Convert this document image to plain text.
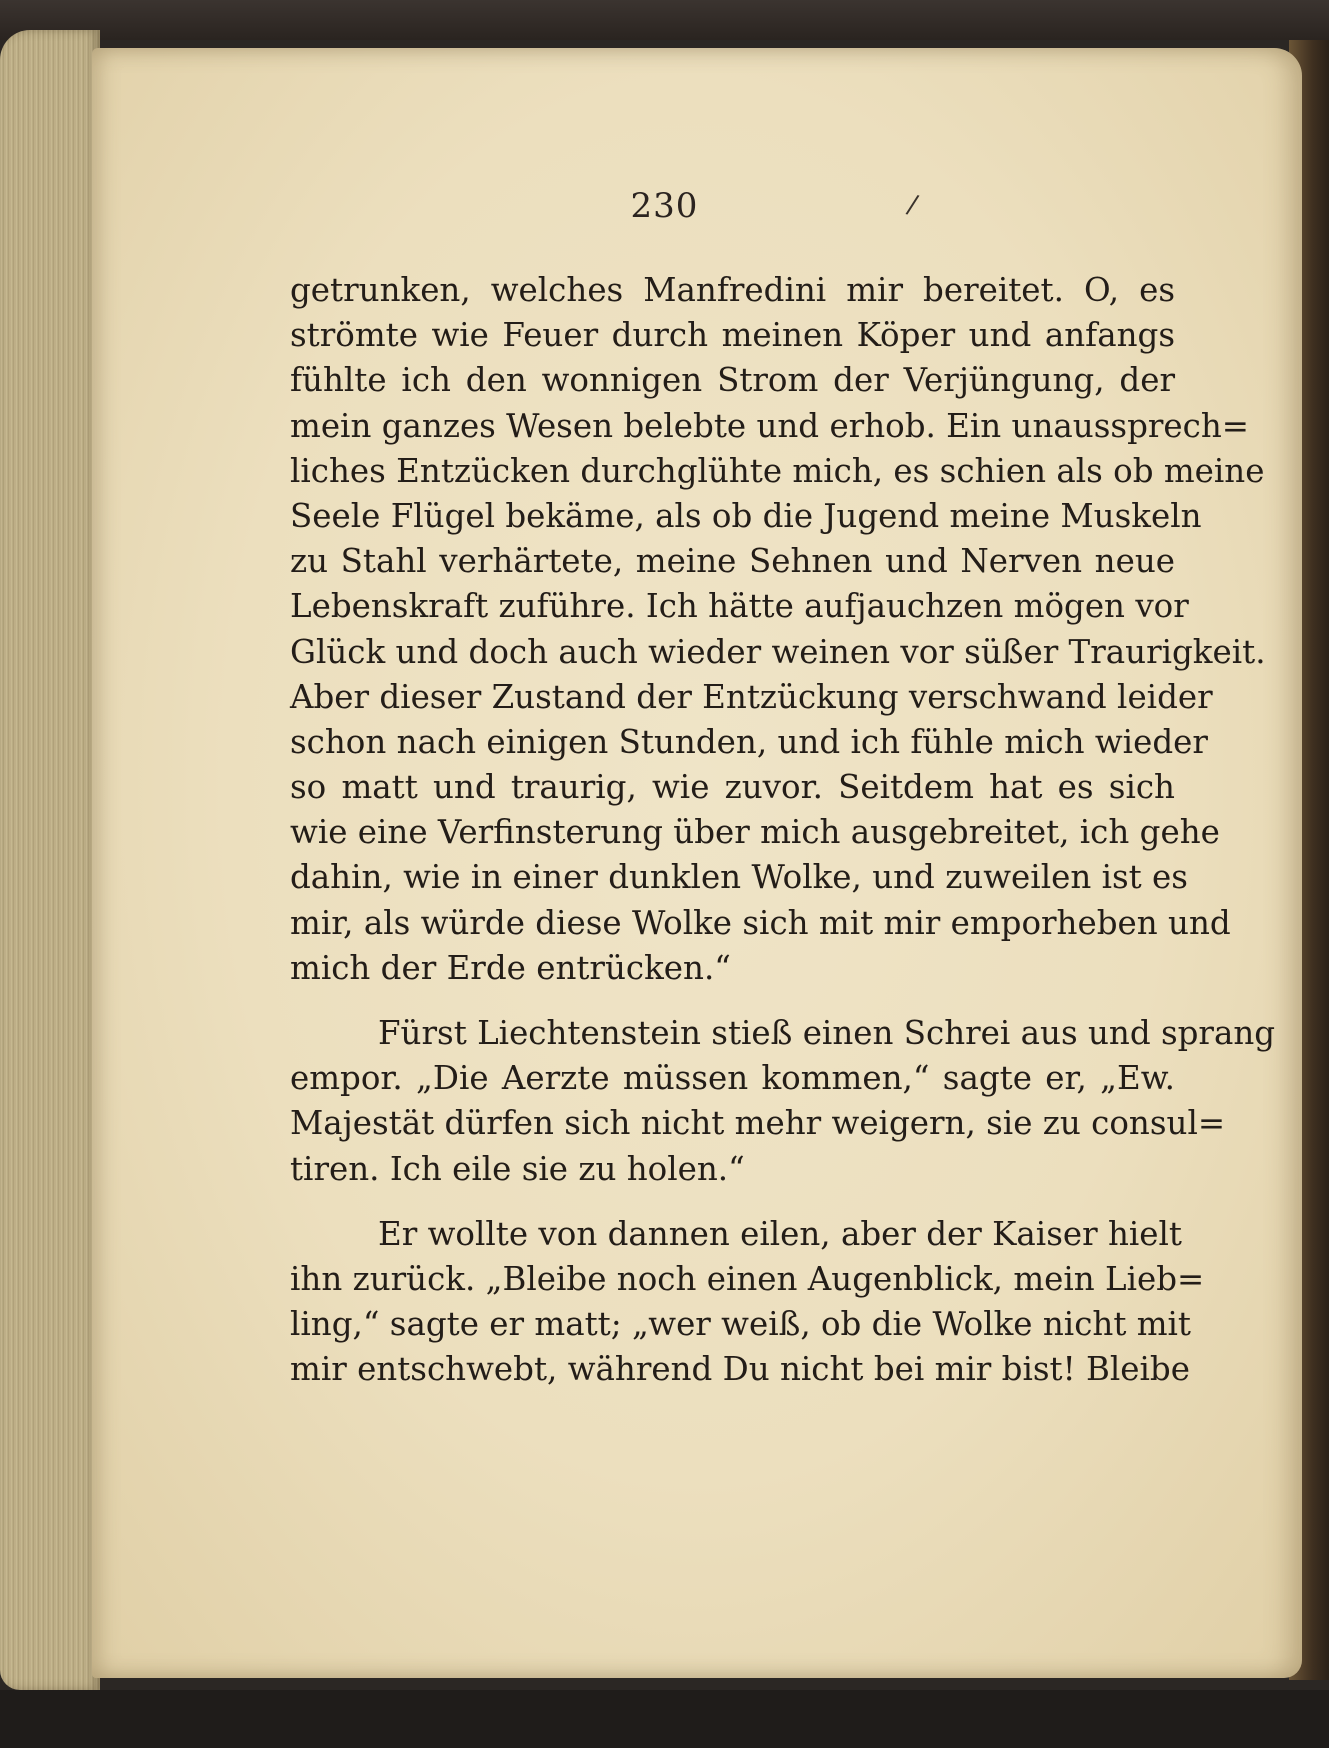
230	/
getrunken, welches Manfredini mir bereitet. O, es
strömte wie Feuer durch meinen Köper und anfangs
fühlte ich den wonnigen Strom der Verjüngung, der
mein ganzes Wesen belebte und erhob. Ein unaussprech=
liches Entzücken durchglühte mich, es schien als ob meine
Seele Flügel bekäme, als ob die Jugend meine Muskeln
zu Stahl verhärtete, meine Sehnen und Nerven neue
Lebenskraft zuführe. Ich hätte aufjauchzen mögen vor
Glück und doch auch wieder weinen vor süßer Traurigkeit.
Aber dieser Zustand der Entzückung verschwand leider
schon nach einigen Stunden, und ich fühle mich wieder
so matt und traurig, wie zuvor. Seitdem hat es sich
wie eine Verfinsterung über mich ausgebreitet, ich gehe
dahin, wie in einer dunklen Wolke, und zuweilen ist es
mir, als würde diese Wolke sich mit mir emporheben und
mich der Erde entrücken.“
Fürst Liechtenstein stieß einen Schrei aus und sprang
empor. „Die Aerzte müssen kommen,“ sagte er, „Ew.
Majestät dürfen sich nicht mehr weigern, sie zu consul=
tiren. Ich eile sie zu holen.“
Er wollte von dannen eilen, aber der Kaiser hielt
ihn zurück. „Bleibe noch einen Augenblick, mein Lieb=
ling,“ sagte er matt; „wer weiß, ob die Wolke nicht mit
mir entschwebt, während Du nicht bei mir bist! Bleibe
